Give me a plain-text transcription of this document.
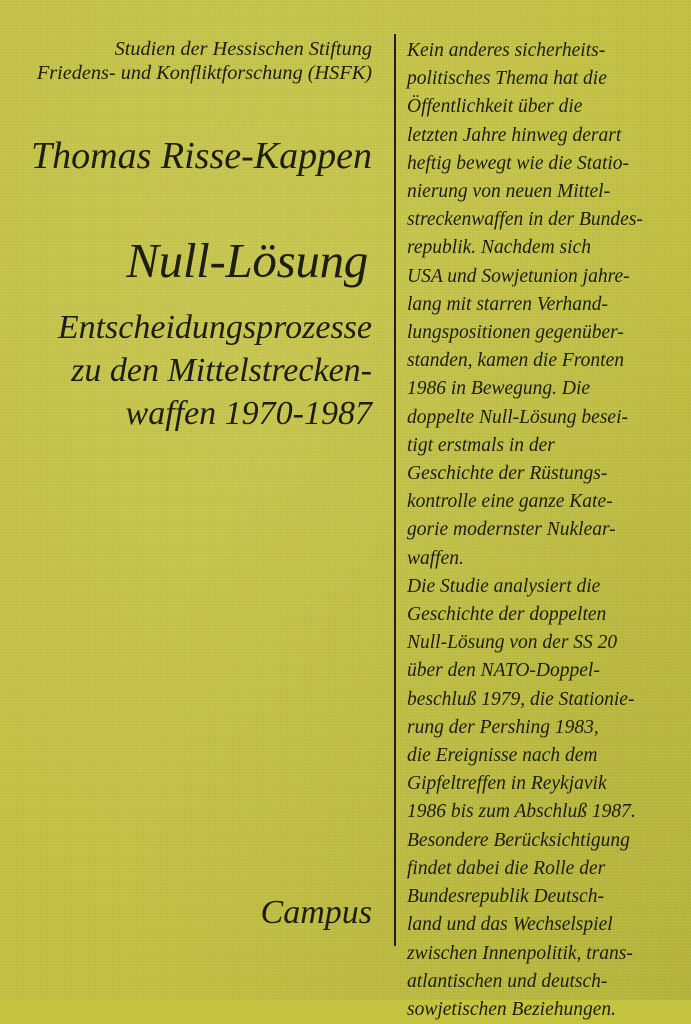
Studien der Hessischen Stiftung
Friedens- und Konfliktforschung (HSFK)
Thomas Risse-Kappen
Null-Lösung
Entscheidungsprozesse
zu den Mittelstrecken-
waffen 1970-1987
Campus
Kein anderes sicherheits-
politisches Thema hat die
Öffentlichkeit über die
letzten Jahre hinweg derart
heftig bewegt wie die Statio-
nierung von neuen Mittel-
streckenwaffen in der Bundes-
republik. Nachdem sich
USA und Sowjetunion jahre-
lang mit starren Verhand-
lungspositionen gegenüber-
standen, kamen die Fronten
1986 in Bewegung. Die
doppelte Null-Lösung besei-
tigt erstmals in der
Geschichte der Rüstungs-
kontrolle eine ganze Kate-
gorie modernster Nuklear-
waffen.
Die Studie analysiert die
Geschichte der doppelten
Null-Lösung von der SS 20
über den NATO-Doppel-
beschluß 1979, die Stationie-
rung der Pershing 1983,
die Ereignisse nach dem
Gipfeltreffen in Reykjavik
1986 bis zum Abschluß 1987.
Besondere Berücksichtigung
findet dabei die Rolle der
Bundesrepublik Deutsch-
land und das Wechselspiel
zwischen Innenpolitik, trans-
atlantischen und deutsch-
sowjetischen Beziehungen.
